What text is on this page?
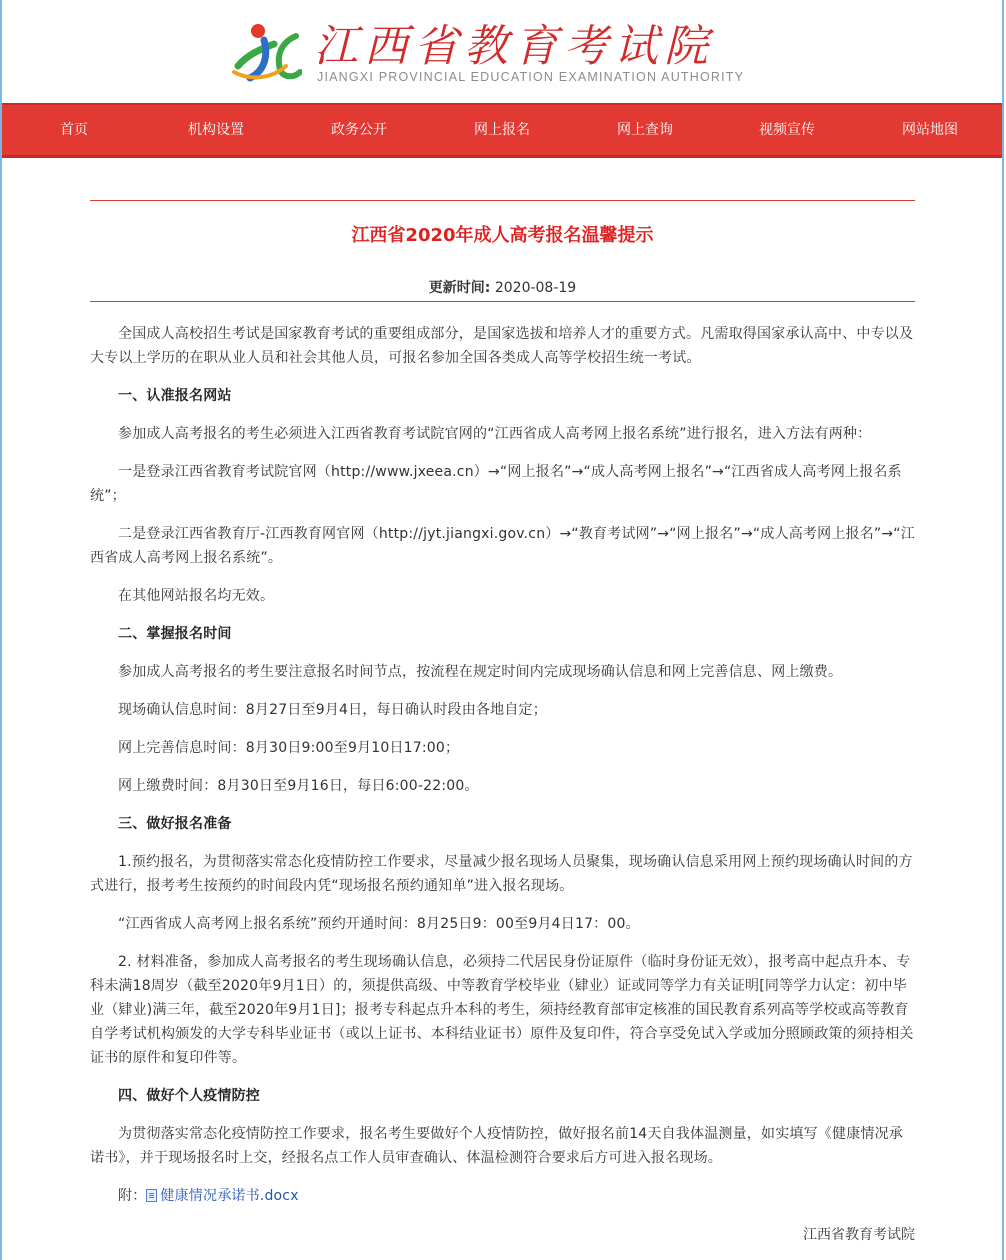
江西省教育考试院
JIANGXI PROVINCIAL EDUCATION EXAMINATION AUTHORITY
首页	机构设置	政务公开	网上报名	网上查询	视频宣传	网站地图
江西省2020年成人高考报名温馨提示
更新时间: 2020-08-19
全国成人高校招生考试是国家教育考试的重要组成部分，是国家选拔和培养人才的重要方式。凡需取得国家承认高中、中专以及大专以上学历的在职从业人员和社会其他人员，可报名参加全国各类成人高等学校招生统一考试。
一、认准报名网站
参加成人高考报名的考生必须进入江西省教育考试院官网的“江西省成人高考网上报名系统”进行报名，进入方法有两种：
一是登录江西省教育考试院官网（http://www.jxeea.cn）→“网上报名”→“成人高考网上报名”→“江西省成人高考网上报名系统”；
二是登录江西省教育厅-江西教育网官网（http://jyt.jiangxi.gov.cn）→“教育考试网”→“网上报名”→“成人高考网上报名”→“江西省成人高考网上报名系统”。
在其他网站报名均无效。
二、掌握报名时间
参加成人高考报名的考生要注意报名时间节点，按流程在规定时间内完成现场确认信息和网上完善信息、网上缴费。
现场确认信息时间：8月27日至9月4日，每日确认时段由各地自定；
网上完善信息时间：8月30日9:00至9月10日17:00；
网上缴费时间：8月30日至9月16日，每日6:00-22:00。
三、做好报名准备
1.预约报名，为贯彻落实常态化疫情防控工作要求，尽量减少报名现场人员聚集，现场确认信息采用网上预约现场确认时间的方式进行，报考考生按预约的时间段内凭“现场报名预约通知单”进入报名现场。
“江西省成人高考网上报名系统”预约开通时间：8月25日9：00至9月4日17：00。
2. 材料准备，参加成人高考报名的考生现场确认信息，必须持二代居民身份证原件（临时身份证无效），报考高中起点升本、专科未满18周岁（截至2020年9月1日）的，须提供高级、中等教育学校毕业（肄业）证或同等学力有关证明[同等学力认定：初中毕业（肄业)满三年，截至2020年9月1日]；报考专科起点升本科的考生，须持经教育部审定核准的国民教育系列高等学校或高等教育自学考试机构颁发的大学专科毕业证书（或以上证书、本科结业证书）原件及复印件，符合享受免试入学或加分照顾政策的须持相关证书的原件和复印件等。
四、做好个人疫情防控
为贯彻落实常态化疫情防控工作要求，报名考生要做好个人疫情防控，做好报名前14天自我体温测量，如实填写《健康情况承诺书》，并于现场报名时上交，经报名点工作人员审查确认、体温检测符合要求后方可进入报名现场。
附： 健康情况承诺书.docx
江西省教育考试院
